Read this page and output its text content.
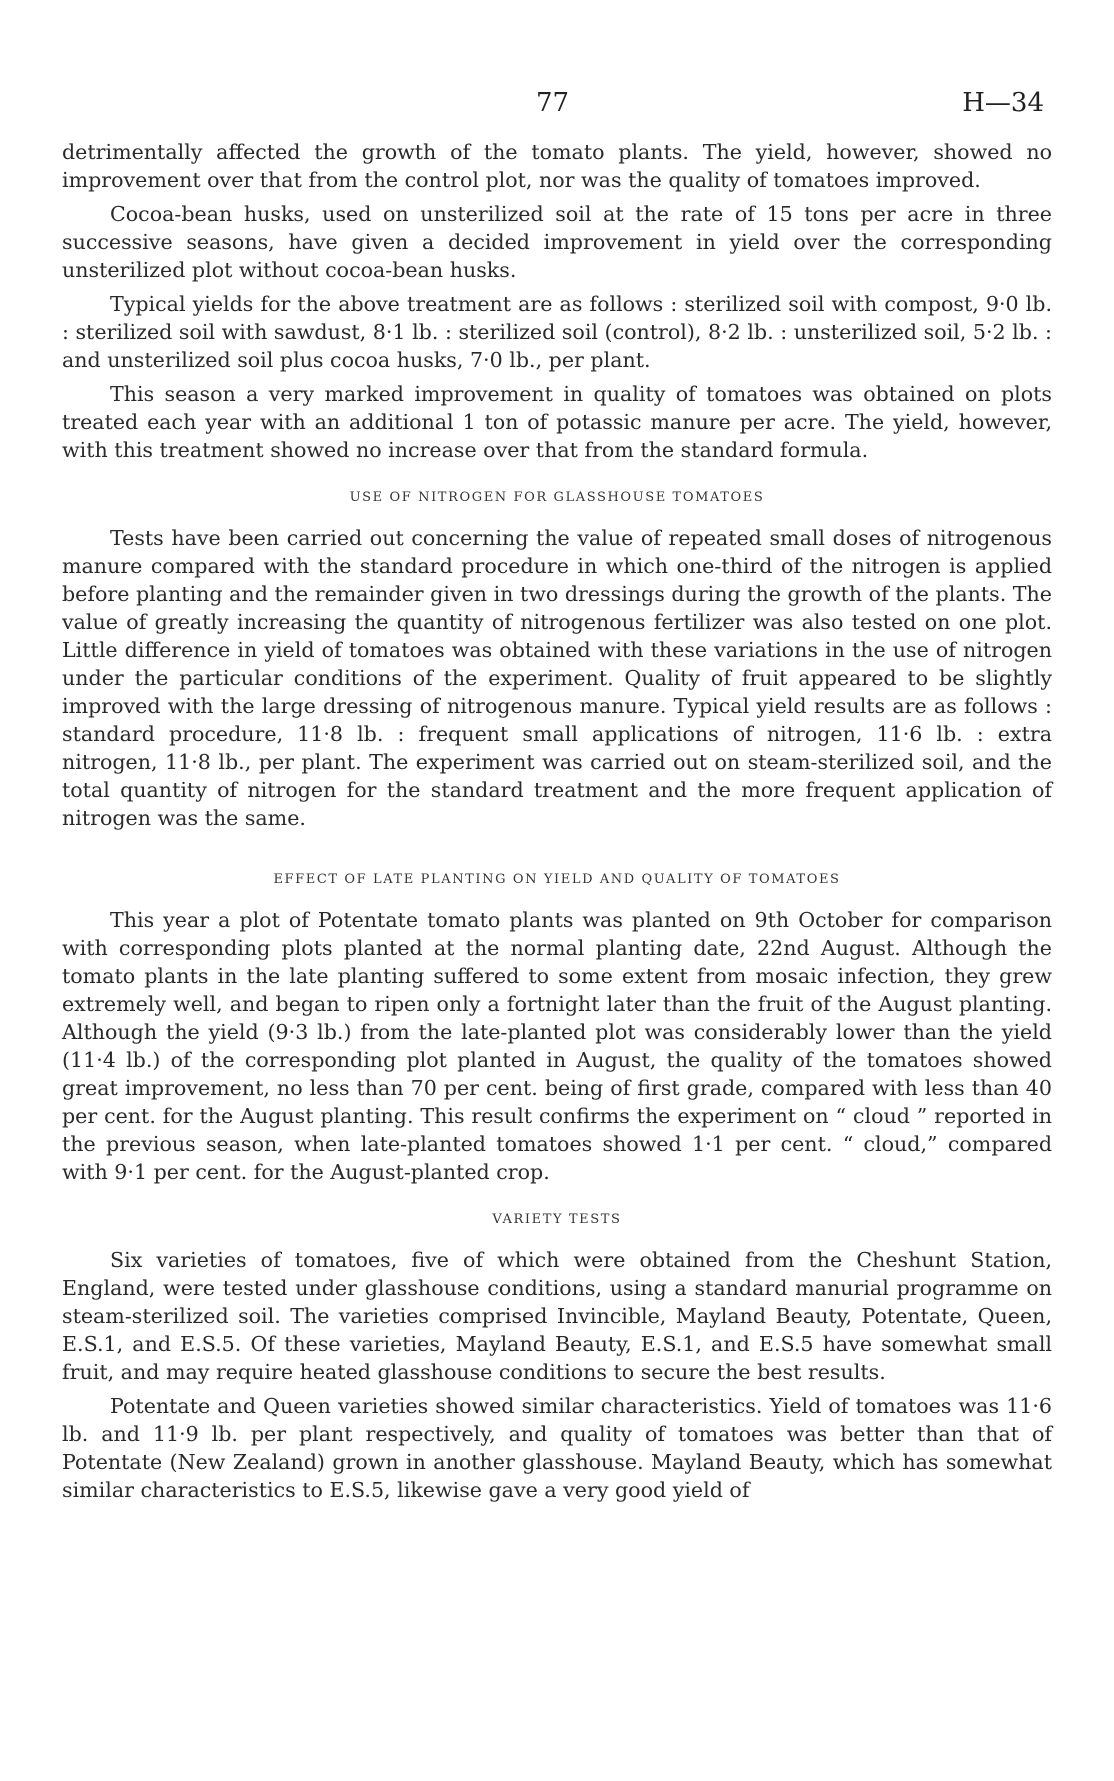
77	H—34

detrimentally affected the growth of the tomato plants. The yield, however, showed no improvement over that from the control plot, nor was the quality of tomatoes improved.

Cocoa-bean husks, used on unsterilized soil at the rate of 15 tons per acre in three successive seasons, have given a decided improvement in yield over the corresponding unsterilized plot without cocoa-bean husks.

Typical yields for the above treatment are as follows : sterilized soil with compost, 9·0 lb. : sterilized soil with sawdust, 8·1 lb. : sterilized soil (control), 8·2 lb. : unsterilized soil, 5·2 lb. : and unsterilized soil plus cocoa husks, 7·0 lb., per plant.

This season a very marked improvement in quality of tomatoes was obtained on plots treated each year with an additional 1 ton of potassic manure per acre. The yield, however, with this treatment showed no increase over that from the standard formula.

USE OF NITROGEN FOR GLASSHOUSE TOMATOES

Tests have been carried out concerning the value of repeated small doses of nitrogenous manure compared with the standard procedure in which one-third of the nitrogen is applied before planting and the remainder given in two dressings during the growth of the plants. The value of greatly increasing the quantity of nitrogenous fertilizer was also tested on one plot. Little difference in yield of tomatoes was obtained with these variations in the use of nitrogen under the particular conditions of the experiment. Quality of fruit appeared to be slightly improved with the large dressing of nitrogenous manure. Typical yield results are as follows : standard procedure, 11·8 lb. : frequent small applications of nitrogen, 11·6 lb. : extra nitrogen, 11·8 lb., per plant. The experiment was carried out on steam-sterilized soil, and the total quantity of nitrogen for the standard treatment and the more frequent application of nitrogen was the same.

EFFECT OF LATE PLANTING ON YIELD AND QUALITY OF TOMATOES

This year a plot of Potentate tomato plants was planted on 9th October for comparison with corresponding plots planted at the normal planting date, 22nd August. Although the tomato plants in the late planting suffered to some extent from mosaic infection, they grew extremely well, and began to ripen only a fortnight later than the fruit of the August planting. Although the yield (9·3 lb.) from the late-planted plot was considerably lower than the yield (11·4 lb.) of the corresponding plot planted in August, the quality of the tomatoes showed great improvement, no less than 70 per cent. being of first grade, compared with less than 40 per cent. for the August planting. This result confirms the experiment on “ cloud ” reported in the previous season, when late-planted tomatoes showed 1·1 per cent. “ cloud,” compared with 9·1 per cent. for the August-planted crop.

VARIETY TESTS

Six varieties of tomatoes, five of which were obtained from the Cheshunt Station, England, were tested under glasshouse conditions, using a standard manurial programme on steam-sterilized soil. The varieties comprised Invincible, Mayland Beauty, Potentate, Queen, E.S.1, and E.S.5. Of these varieties, Mayland Beauty, E.S.1, and E.S.5 have somewhat small fruit, and may require heated glasshouse conditions to secure the best results.

Potentate and Queen varieties showed similar characteristics. Yield of tomatoes was 11·6 lb. and 11·9 lb. per plant respectively, and quality of tomatoes was better than that of Potentate (New Zealand) grown in another glasshouse. Mayland Beauty, which has somewhat similar characteristics to E.S.5, likewise gave a very good yield of
